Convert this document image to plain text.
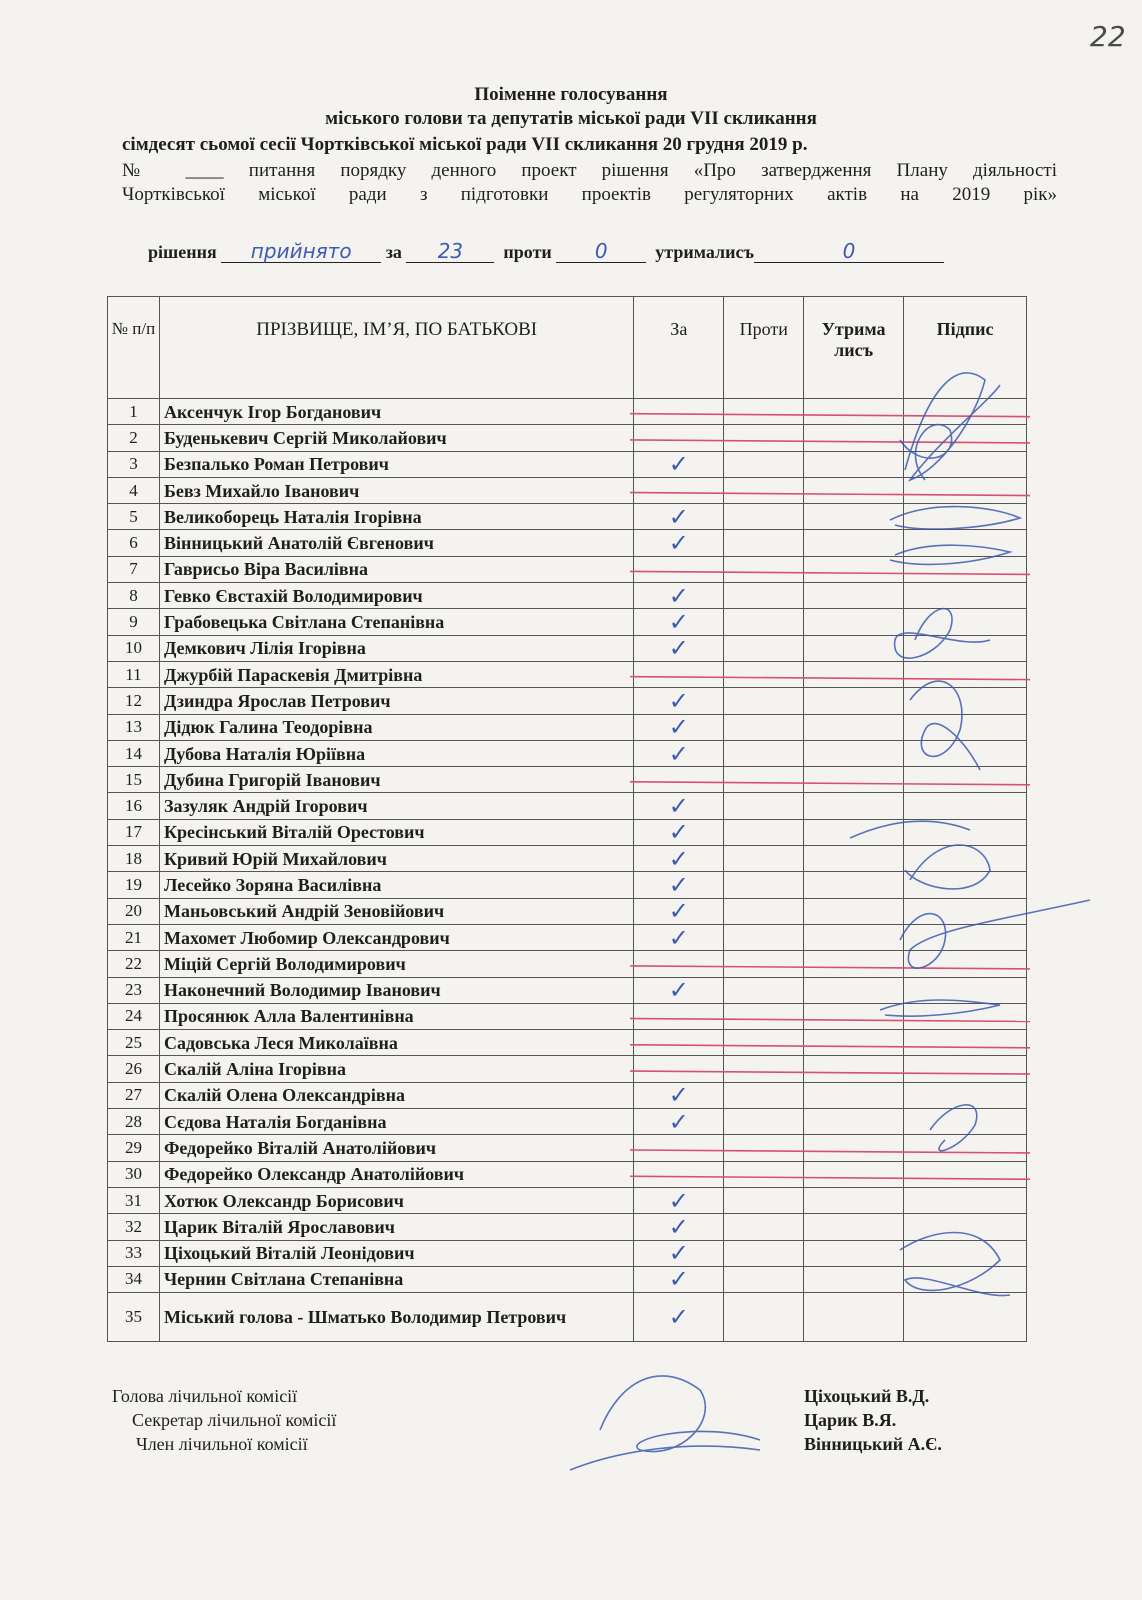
22
Поіменне голосування
міського голови та депутатів міської ради VII скликання
сімдесят сьомої сесії Чортківської міської ради VII скликання 20 грудня 2019 р.
№ ____ питання порядку денного проект рішення «Про затвердження Плану діяльності
Чортківської міської ради з підготовки проектів регуляторних актів на 2019 рік»
рішення прийнято за 23 проти 0	утрималисъ	0
№ п/п	ПРІЗВИЩЕ, ІМ’Я, ПО БАТЬКОВІ	За	Проти	Утрималисъ	Підпис
1	Аксенчук Ігор Богданович				
2	Буденькевич Сергій Миколайович				
3	Безпалько Роман Петрович	✓			
4	Бевз Михайло Іванович				
5	Великоборець Наталія Ігорівна	✓			
6	Вінницький Анатолій Євгенович	✓			
7	Гаврисьо Віра Василівна				
8	Гевко Євстахій Володимирович	✓			
9	Грабовецька Світлана Степанівна	✓			
10	Демкович Лілія Ігорівна	✓			
11	Джурбій Параскевія Дмитрівна				
12	Дзиндра Ярослав Петрович	✓			
13	Дідюк Галина Теодорівна	✓			
14	Дубова Наталія Юріївна	✓			
15	Дубина Григорій Іванович				
16	Зазуляк Андрій Ігорович	✓			
17	Кресінський Віталій Орестович	✓			
18	Кривий Юрій Михайлович	✓			
19	Лесейко Зоряна Василівна	✓			
20	Маньовський Андрій Зеновійович	✓			
21	Махомет Любомир Олександрович	✓			
22	Міцій Сергій Володимирович				
23	Наконечний Володимир Іванович	✓			
24	Просянюк Алла Валентинівна				
25	Садовська Леся Миколаївна				
26	Скалій Аліна Ігорівна				
27	Скалій Олена Олександрівна	✓			
28	Сєдова Наталія Богданівна	✓			
29	Федорейко Віталій Анатолійович				
30	Федорейко Олександр Анатолійович				
31	Хотюк Олександр Борисович	✓			
32	Царик Віталій Ярославович	✓			
33	Ціхоцький Віталій Леонідович	✓			
34	Чернин Світлана Степанівна	✓			
35	Міський голова - Шматько Володимир Петрович	✓			
Голова лічильної комісії
Секретар лічильної комісії
Член лічильної комісії
Ціхоцький В.Д.
Царик В.Я.
Вінницький А.Є.
